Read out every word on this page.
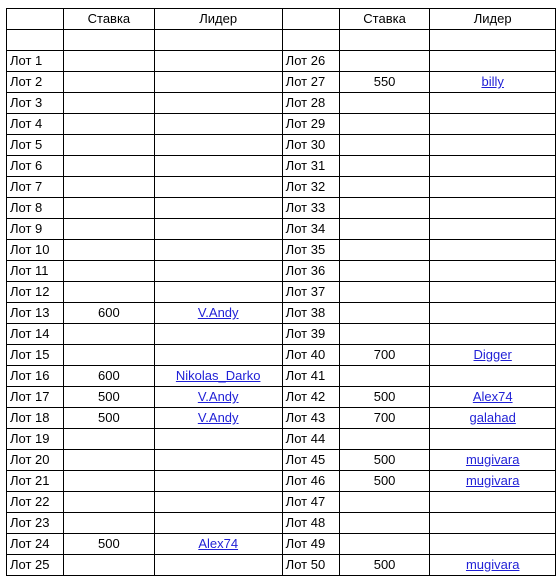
	Ставка	Лидер		Ставка	Лидер

Лот 1			Лот 26		
Лот 2			Лот 27	550	billy
Лот 3			Лот 28		
Лот 4			Лот 29		
Лот 5			Лот 30		
Лот 6			Лот 31		
Лот 7			Лот 32		
Лот 8			Лот 33		
Лот 9			Лот 34		
Лот 10			Лот 35		
Лот 11			Лот 36		
Лот 12			Лот 37		
Лот 13	600	V.Andy	Лот 38		
Лот 14			Лот 39		
Лот 15			Лот 40	700	Digger
Лот 16	600	Nikolas_Darko	Лот 41		
Лот 17	500	V.Andy	Лот 42	500	Alex74
Лот 18	500	V.Andy	Лот 43	700	galahad
Лот 19			Лот 44		
Лот 20			Лот 45	500	mugivara
Лот 21			Лот 46	500	mugivara
Лот 22			Лот 47		
Лот 23			Лот 48		
Лот 24	500	Alex74	Лот 49		
Лот 25			Лот 50	500	mugivara
